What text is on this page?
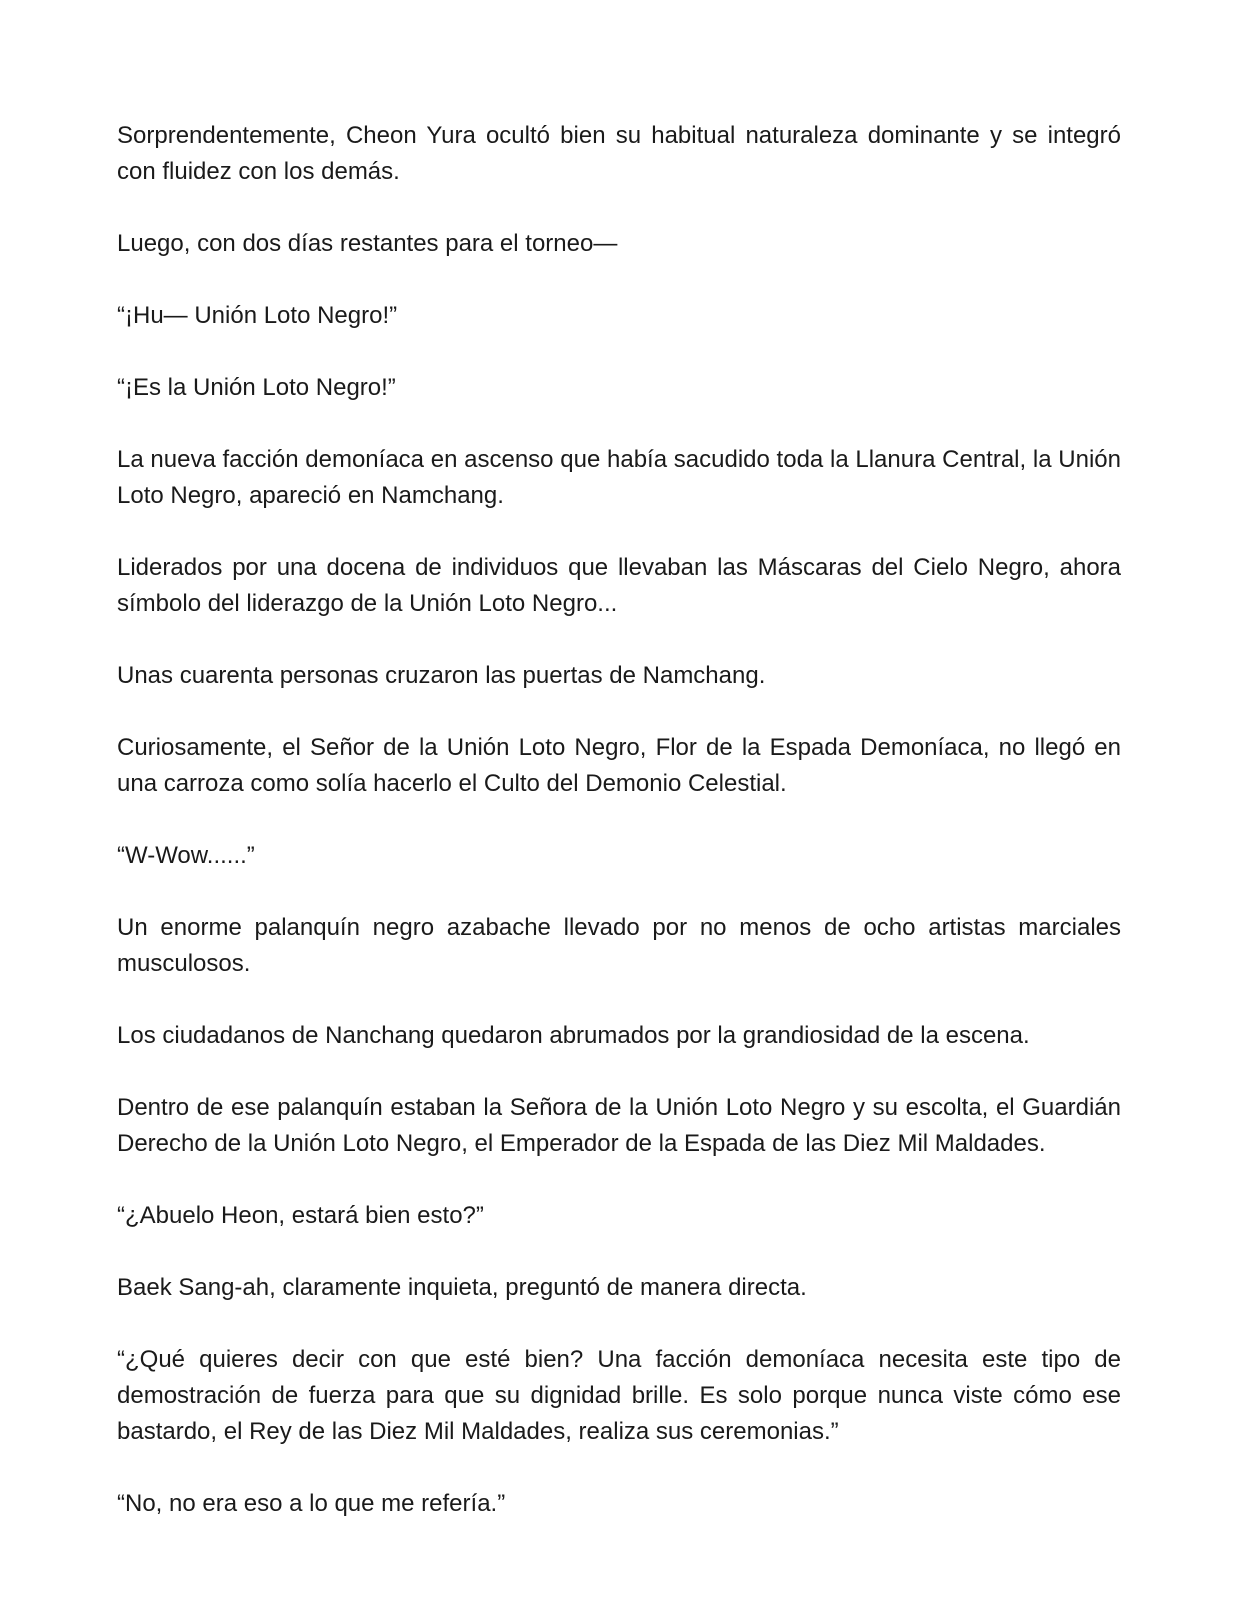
Sorprendentemente, Cheon Yura ocultó bien su habitual naturaleza dominante y se integró con fluidez con los demás.

Luego, con dos días restantes para el torneo—

“¡Hu— Unión Loto Negro!”

“¡Es la Unión Loto Negro!”

La nueva facción demoníaca en ascenso que había sacudido toda la Llanura Central, la Unión Loto Negro, apareció en Namchang.

Liderados por una docena de individuos que llevaban las Máscaras del Cielo Negro, ahora símbolo del liderazgo de la Unión Loto Negro...

Unas cuarenta personas cruzaron las puertas de Namchang.

Curiosamente, el Señor de la Unión Loto Negro, Flor de la Espada Demoníaca, no llegó en una carroza como solía hacerlo el Culto del Demonio Celestial.

“W-Wow......”

Un enorme palanquín negro azabache llevado por no menos de ocho artistas marciales musculosos.

Los ciudadanos de Nanchang quedaron abrumados por la grandiosidad de la escena.

Dentro de ese palanquín estaban la Señora de la Unión Loto Negro y su escolta, el Guardián Derecho de la Unión Loto Negro, el Emperador de la Espada de las Diez Mil Maldades.

“¿Abuelo Heon, estará bien esto?”

Baek Sang-ah, claramente inquieta, preguntó de manera directa.

“¿Qué quieres decir con que esté bien? Una facción demoníaca necesita este tipo de demostración de fuerza para que su dignidad brille. Es solo porque nunca viste cómo ese bastardo, el Rey de las Diez Mil Maldades, realiza sus ceremonias.”

“No, no era eso a lo que me refería.”
